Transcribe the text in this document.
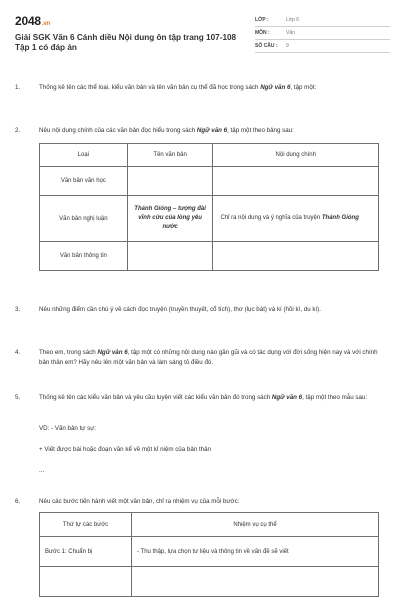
2048.vn
Giải SGK Văn 6 Cánh diều Nội dung ôn tập trang 107-108 Tập 1 có đáp án
LỚP :	Lớp 6
MÔN :	Văn
SỐ CÂU :	9
1.	Thống kê tên các thể loại, kiểu văn bản và tên văn bản cụ thể đã học trong sách Ngữ văn 6, tập một:
2.	Nêu nội dung chính của các văn bản đọc hiểu trong sách Ngữ văn 6, tập một theo bảng sau:
Loại	Tên văn bản	Nội dung chính
Văn bản văn học		
Văn bản nghị luận	Thánh Gióng – tượng đài vĩnh cửu của lòng yêu nước	Chỉ ra nội dung và ý nghĩa của truyện Thánh Gióng
Văn bản thông tin		
3.	Nêu những điểm cần chú ý về cách đọc truyện (truyền thuyết, cổ tích), thơ (lục bát) và kí (hồi kí, du kí).
4.	Theo em, trong sách Ngữ văn 6, tập một có những nội dung nào gần gũi và có tác dụng với đời sống hiện nay và với chính bản thân em? Hãy nêu lên một văn bản và làm sáng tỏ điều đó.
5.	Thống kê tên các kiểu văn bản và yêu cầu luyện viết các kiểu văn bản đó trong sách Ngữ văn 6, tập một theo mẫu sau:
VD: - Văn bản tự sự:
+ Viết được bài hoặc đoạn văn kể về một kỉ niệm của bản thân
...
6.	Nêu các bước tiến hành viết một văn bản, chỉ ra nhiệm vụ của mỗi bước:
Thứ tự các bước	Nhiệm vụ cụ thể
Bước 1: Chuẩn bị	- Thu thập, lựa chọn tư liệu và thông tin về vấn đề sẽ viết
